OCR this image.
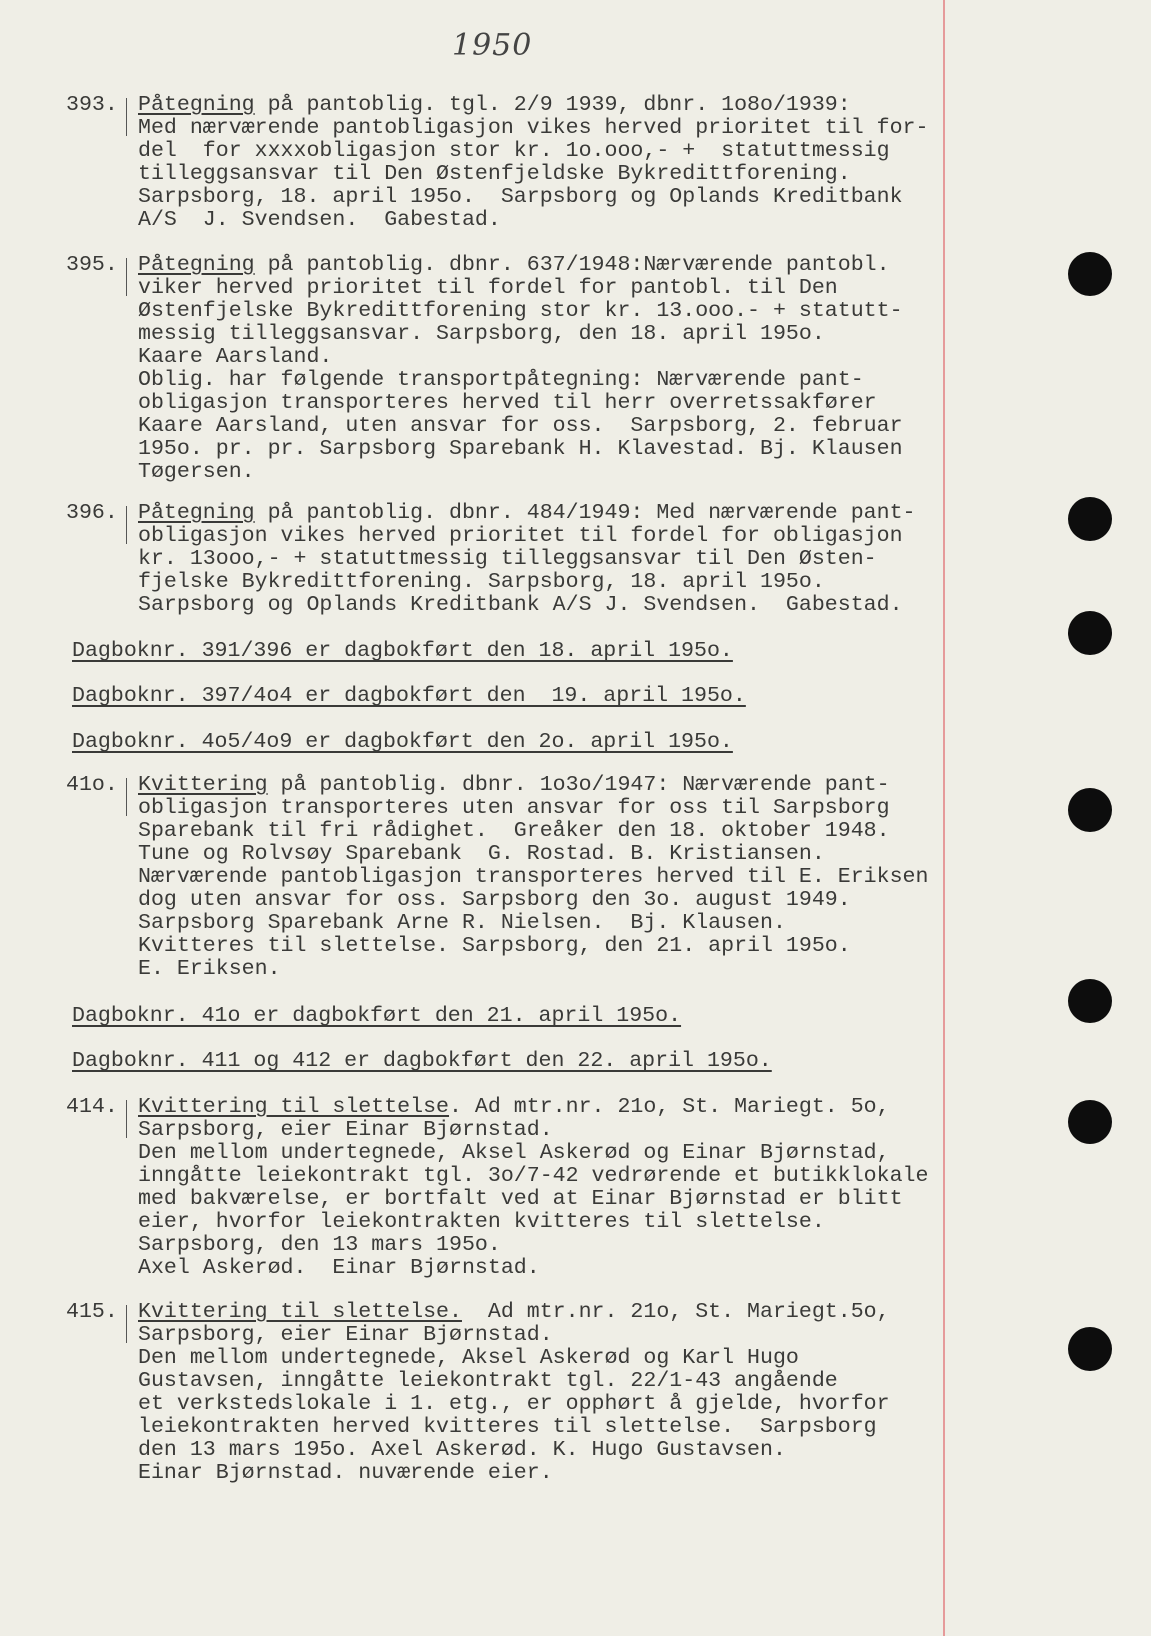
1950
393. Påtegning på pantoblig. tgl. 2/9 1939, dbnr. 1o8o/1939:
Med nærværende pantobligasjon vikes herved prioritet til for-
del  for xxxxobligasjon stor kr. 1o.ooo,- +  statuttmessig
tilleggsansvar til Den Østenfjeldske Bykredittforening.
Sarpsborg, 18. april 195o.  Sarpsborg og Oplands Kreditbank
A/S  J. Svendsen.  Gabestad.
395. Påtegning på pantoblig. dbnr. 637/1948:Nærværende pantobl.
viker herved prioritet til fordel for pantobl. til Den
Østenfjelske Bykredittforening stor kr. 13.ooo.- + statutt-
messig tilleggsansvar. Sarpsborg, den 18. april 195o.
Kaare Aarsland.
Oblig. har følgende transportpåtegning: Nærværende pant-
obligasjon transporteres herved til herr overretssakfører
Kaare Aarsland, uten ansvar for oss.  Sarpsborg, 2. februar
195o. pr. pr. Sarpsborg Sparebank H. Klavestad. Bj. Klausen
Tøgersen.
396. Påtegning på pantoblig. dbnr. 484/1949: Med nærværende pant-
obligasjon vikes herved prioritet til fordel for obligasjon
kr. 13ooo,- + statuttmessig tilleggsansvar til Den Østen-
fjelske Bykredittforening. Sarpsborg, 18. april 195o.
Sarpsborg og Oplands Kreditbank A/S J. Svendsen.  Gabestad.
41o. Kvittering på pantoblig. dbnr. 1o3o/1947: Nærværende pant-
obligasjon transporteres uten ansvar for oss til Sarpsborg
Sparebank til fri rådighet.  Greåker den 18. oktober 1948.
Tune og Rolvsøy Sparebank  G. Rostad. B. Kristiansen.
Nærværende pantobligasjon transporteres herved til E. Eriksen
dog uten ansvar for oss. Sarpsborg den 3o. august 1949.
Sarpsborg Sparebank Arne R. Nielsen.  Bj. Klausen.
Kvitteres til slettelse. Sarpsborg, den 21. april 195o.
E. Eriksen.
414. Kvittering til slettelse. Ad mtr.nr. 21o, St. Mariegt. 5o,
Sarpsborg, eier Einar Bjørnstad.
Den mellom undertegnede, Aksel Askerød og Einar Bjørnstad,
inngåtte leiekontrakt tgl. 3o/7-42 vedrørende et butikklokale
med bakværelse, er bortfalt ved at Einar Bjørnstad er blitt
eier, hvorfor leiekontrakten kvitteres til slettelse.
Sarpsborg, den 13 mars 195o.
Axel Askerød.  Einar Bjørnstad.
415. Kvittering til slettelse.  Ad mtr.nr. 21o, St. Mariegt.5o,
Sarpsborg, eier Einar Bjørnstad.
Den mellom undertegnede, Aksel Askerød og Karl Hugo
Gustavsen, inngåtte leiekontrakt tgl. 22/1-43 angående
et verkstedslokale i 1. etg., er opphørt å gjelde, hvorfor
leiekontrakten herved kvitteres til slettelse.  Sarpsborg
den 13 mars 195o. Axel Askerød. K. Hugo Gustavsen.
Einar Bjørnstad. nuværende eier.
Dagboknr. 391/396 er dagbokført den 18. april 195o.
Dagboknr. 397/4o4 er dagbokført den  19. april 195o.
Dagboknr. 4o5/4o9 er dagbokført den 2o. april 195o.
Dagboknr. 41o er dagbokført den 21. april 195o.
Dagboknr. 411 og 412 er dagbokført den 22. april 195o.
